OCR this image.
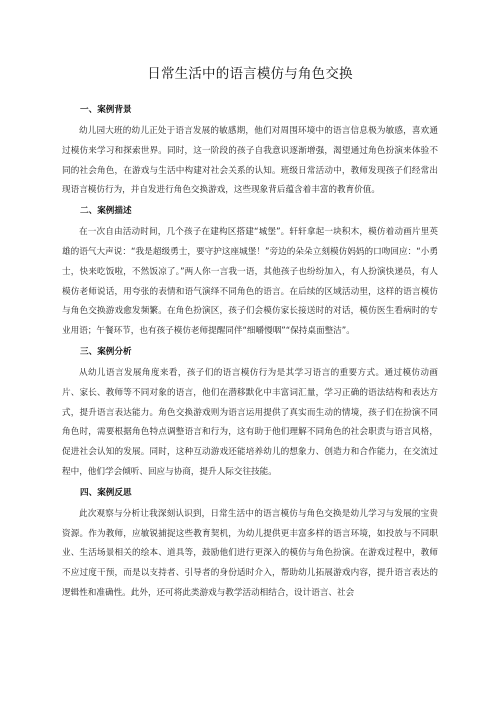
日常生活中的语言模仿与角色交换
一、案例背景

幼儿园大班的幼儿正处于语言发展的敏感期，他们对周围环境中的语言信息极为敏感，喜欢通过模仿来学习和探索世界。同时，这一阶段的孩子自我意识逐渐增强，渴望通过角色扮演来体验不同的社会角色，在游戏与生活中构建对社会关系的认知。班级日常活动中，教师发现孩子们经常出现语言模仿行为，并自发进行角色交换游戏，这些现象背后蕴含着丰富的教育价值。

二、案例描述

在一次自由活动时间，几个孩子在建构区搭建“城堡”。轩轩拿起一块积木，模仿着动画片里英雄的语气大声说：“我是超级勇士，要守护这座城堡！”旁边的朵朵立刻模仿妈妈的口吻回应：“小勇士，快来吃饭啦，不然饭凉了。”两人你一言我一语，其他孩子也纷纷加入，有人扮演快递员，有人模仿老师说话，用夸张的表情和语气演绎不同角色的语言。在后续的区域活动里，这样的语言模仿与角色交换游戏愈发频繁。在角色扮演区，孩子们会模仿家长接送时的对话，模仿医生看病时的专业用语；午餐环节，也有孩子模仿老师提醒同伴“细嚼慢咽”“保持桌面整洁”。

三、案例分析

从幼儿语言发展角度来看，孩子们的语言模仿行为是其学习语言的重要方式。通过模仿动画片、家长、教师等不同对象的语言，他们在潜移默化中丰富词汇量，学习正确的语法结构和表达方式，提升语言表达能力。角色交换游戏则为语言运用提供了真实而生动的情境，孩子们在扮演不同角色时，需要根据角色特点调整语言和行为，这有助于他们理解不同角色的社会职责与语言风格，促进社会认知的发展。同时，这种互动游戏还能培养幼儿的想象力、创造力和合作能力，在交流过程中，他们学会倾听、回应与协商，提升人际交往技能。

四、案例反思

此次观察与分析让我深刻认识到，日常生活中的语言模仿与角色交换是幼儿学习与发展的宝贵资源。作为教师，应敏锐捕捉这些教育契机，为幼儿提供更丰富多样的语言环境，如投放与不同职业、生活场景相关的绘本、道具等，鼓励他们进行更深入的模仿与角色扮演。在游戏过程中，教师不应过度干预，而是以支持者、引导者的身份适时介入，帮助幼儿拓展游戏内容，提升语言表达的逻辑性和准确性。此外，还可将此类游戏与教学活动相结合，设计语言、社会
